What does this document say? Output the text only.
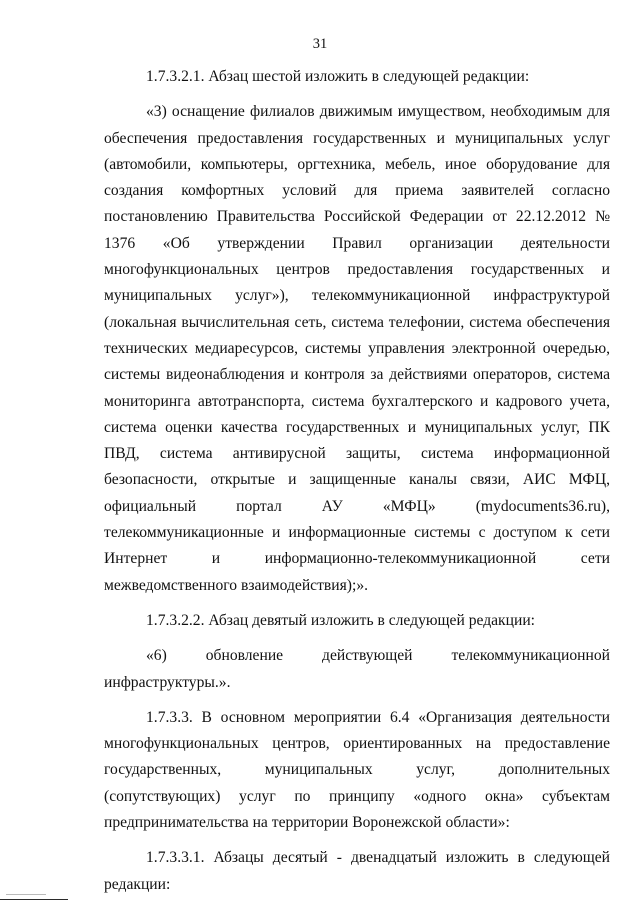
31

1.7.3.2.1. Абзац шестой изложить в следующей редакции:

«3) оснащение филиалов движимым имуществом, необходимым для обеспечения предоставления государственных и муниципальных услуг (автомобили, компьютеры, оргтехника, мебель, иное оборудование для создания комфортных условий для приема заявителей согласно постановлению Правительства Российской Федерации от 22.12.2012 № 1376 «Об утверждении Правил организации деятельности многофункциональных центров предоставления государственных и муниципальных услуг»), телекоммуникационной инфраструктурой (локальная вычислительная сеть, система телефонии, система обеспечения технических медиаресурсов, системы управления электронной очередью, системы видеонаблюдения и контроля за действиями операторов, система мониторинга автотранспорта, система бухгалтерского и кадрового учета, система оценки качества государственных и муниципальных услуг, ПК ПВД, система антивирусной защиты, система информационной безопасности, открытые и защищенные каналы связи, АИС МФЦ, официальный портал АУ «МФЦ» (mydocuments36.ru), телекоммуникационные и информационные системы с доступом к сети Интернет и информационно-телекоммуникационной сети межведомственного взаимодействия);».

1.7.3.2.2. Абзац девятый изложить в следующей редакции:

«6) обновление действующей телекоммуникационной инфраструктуры.».

1.7.3.3. В основном мероприятии 6.4 «Организация деятельности многофункциональных центров, ориентированных на предоставление государственных, муниципальных услуг, дополнительных (сопутствующих) услуг по принципу «одного окна» субъектам предпринимательства на территории Воронежской области»:

1.7.3.3.1. Абзацы десятый - двенадцатый изложить в следующей редакции:
